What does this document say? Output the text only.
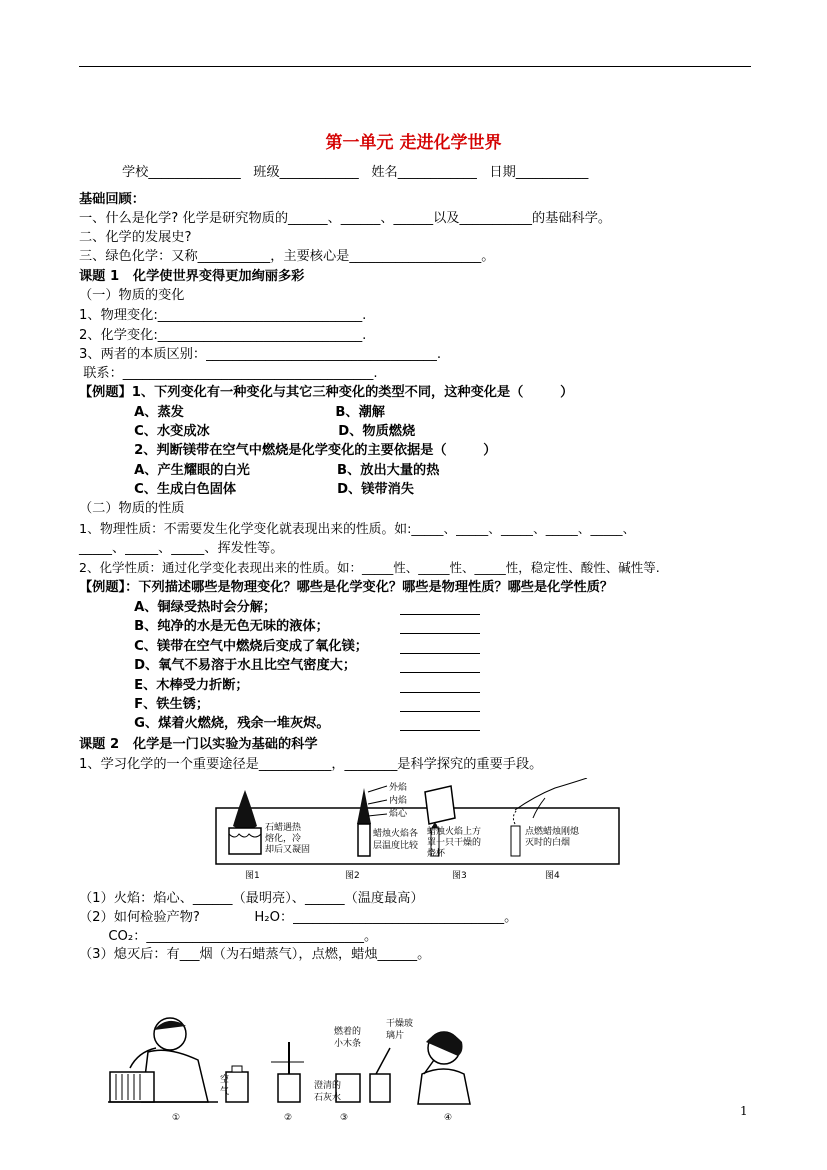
第一单元 走进化学世界
学校______________   班级____________   姓名____________   日期___________
基础回顾：
一、什么是化学? 化学是研究物质的______、______、______以及___________的基础科学。
二、化学的发展史?
三、绿色化学：又称___________，主要核心是____________________。
课题 1   化学使世界变得更加绚丽多彩
（一）物质的变化
1、物理变化:_______________________________.
2、化学变化:_______________________________.
3、两者的本质区别：___________________________________.
联系：______________________________________.
【例题】1、下列变化有一种变化与其它三种变化的类型不同，这种变化是（        ）
A、蒸发                                 B、潮解
C、水变成冰                            D、物质燃烧
2、判断镁带在空气中燃烧是化学变化的主要依据是（        ）
A、产生耀眼的白光                   B、放出大量的热
C、生成白色固体                      D、镁带消失
（二）物质的性质
1、物理性质：不需要发生化学变化就表现出来的性质。如:_____、_____、_____、_____、_____、
_____、_____、_____、挥发性等。
2、化学性质：通过化学变化表现出来的性质。如：_____性、_____性、_____性，稳定性、酸性、碱性等.
【例题】：下列描述哪些是物理变化？哪些是化学变化？哪些是物理性质？哪些是化学性质？
A、铜绿受热时会分解；
B、纯净的水是无色无味的液体；
C、镁带在空气中燃烧后变成了氧化镁；
D、氧气不易溶于水且比空气密度大；
E、木棒受力折断；
F、铁生锈；
G、煤着火燃烧，残余一堆灰烬。
课题 2   化学是一门以实验为基础的科学
1、学习化学的一个重要途径是___________，________是科学探究的重要手段。
石蜡遇热
熔化，冷
却后又凝固
外焰
内焰
焰心
蜡烛火焰各
层温度比较
蜡烛火焰上方
罩一只干燥的
烧杯
点燃蜡烛刚熄
灭时的白烟
图1	图2	图3	图4
（1）火焰：焰心、______（最明亮）、______（温度最高）
（2）如何检验产物?             H₂O：________________________________。
CO₂：_________________________________。
（3）熄灭后：有___烟（为石蜡蒸气），点燃，蜡烛______。
空
气
澄清的
石灰水
燃着的
小木条
干燥玻
璃片
①	②	③	④	1
